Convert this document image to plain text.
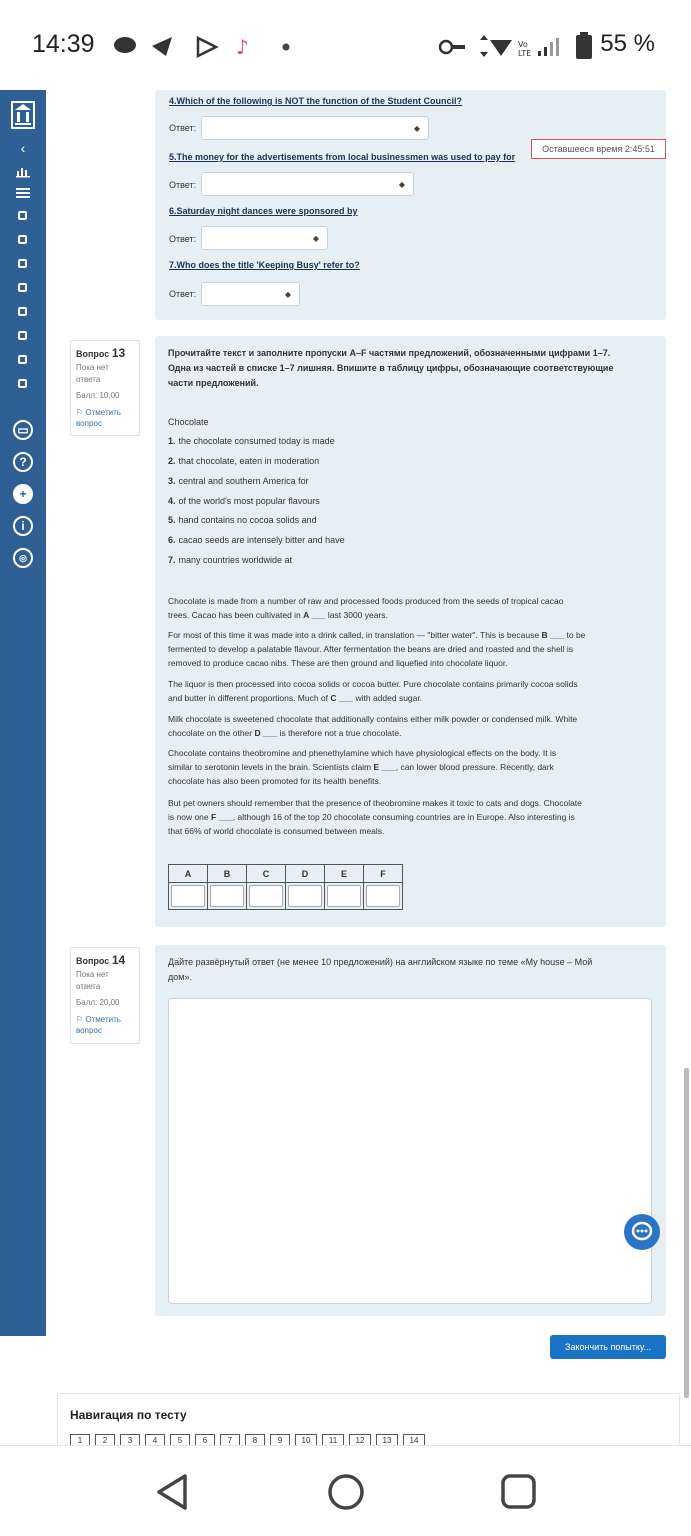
14:39	♪	Vo
LTE	55 %
‹
▭
?
+
i
◎
4.Which of the following is NOT the function of the Student Council?
Ответ:	◆
5.The money for the advertisements from local businessmen was used to pay for
Оставшееся время 2:45:51
Ответ:	◆
6.Saturday night dances were sponsored by
Ответ:	◆
7.Who does the title 'Keeping Busy' refer to?
Ответ:	◆
Вопрос 13
Пока нет
ответа
Балл: 10,00
⚐ Отметить
вопрос
Прочитайте текст и заполните пропуски A–F частями предложений, обозначенными цифрами 1–7.
Одна из частей в списке 1–7 лишняя. Впишите в таблицу цифры, обозначающие соответствующие
части предложений.
Chocolate
1. the chocolate consumed today is made
2. that chocolate, eaten in moderation
3. central and southern America for
4. of the world's most popular flavours
5. hand contains no cocoa solids and
6. cacao seeds are intensely bitter and have
7. many countries worldwide at
Chocolate is made from a number of raw and processed foods produced from the seeds of tropical cacao
trees. Cacao has been cultivated in A ___ last 3000 years.
For most of this time it was made into a drink called, in translation — "bitter water". This is because B ___ to be
fermented to develop a palatable flavour. After fermentation the beans are dried and roasted and the shell is
removed to produce cacao nibs. These are then ground and liquefied into chocolate liquor.
The liquor is then processed into cocoa solids or cocoa butter. Pure chocolate contains primarily cocoa solids
and butter in different proportions. Much of C ___ with added sugar.
Milk chocolate is sweetened chocolate that additionally contains either milk powder or condensed milk. White
chocolate on the other D ___ is therefore not a true chocolate.
Chocolate contains theobromine and phenethylamine which have physiological effects on the body. It is
similar to serotonin levels in the brain. Scientists claim E ___, can lower blood pressure. Recently, dark
chocolate has also been promoted for its health benefits.
But pet owners should remember that the presence of theobromine makes it toxic to cats and dogs. Chocolate
is now one F ___, although 16 of the top 20 chocolate consuming countries are in Europe. Also interesting is
that 66% of world chocolate is consumed between meals.
A	B	C	D	E	F

Вопрос 14
Пока нет
ответа
Балл: 20,00
⚐ Отметить
вопрос
Дайте развёрнутый ответ (не менее 10 предложений) на английском языке по теме «My house – Мой
дом».
Закончить попытку...
Навигация по тесту
1	2	3	4	5	6	7	8	9	10	11	12	13	14
